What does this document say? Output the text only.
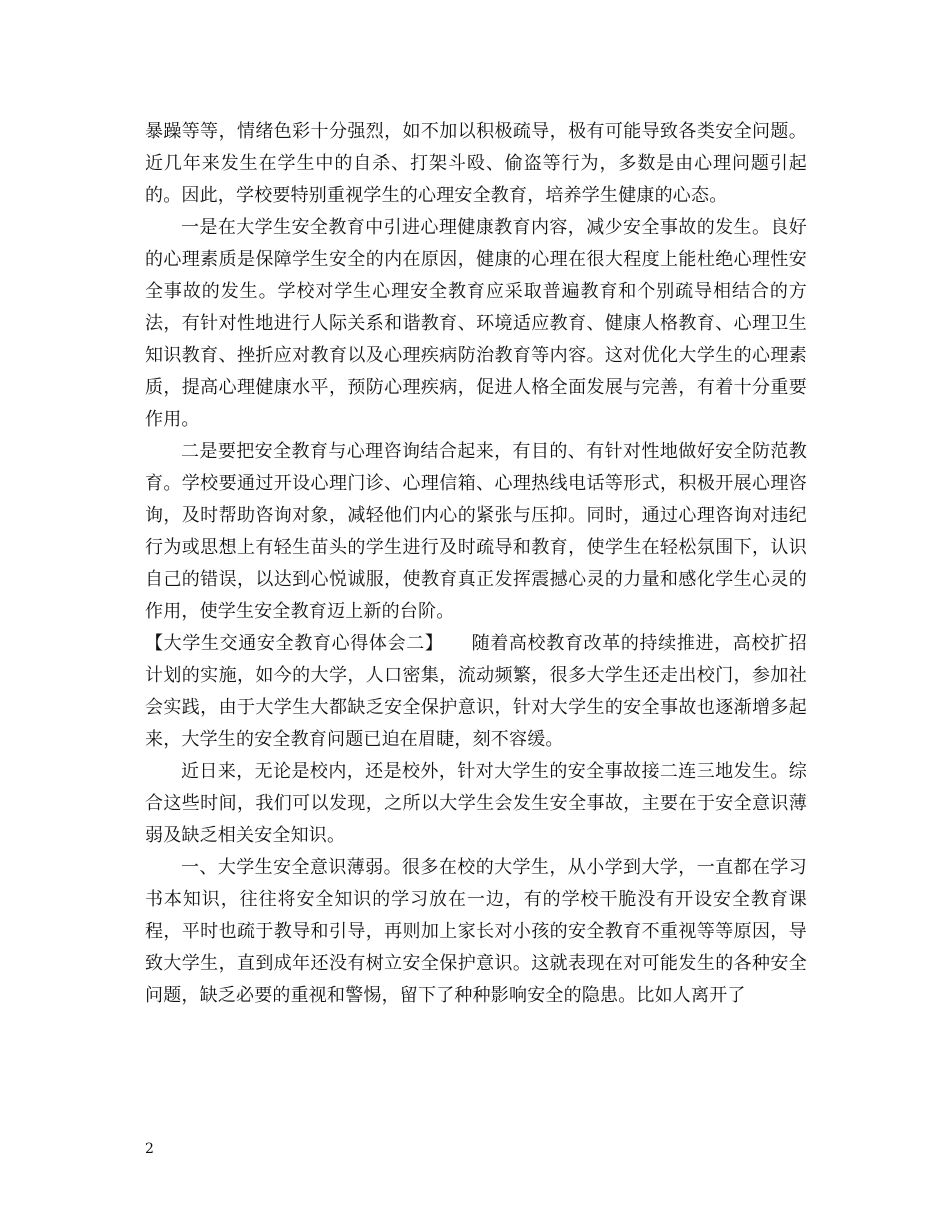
暴躁等等，情绪色彩十分强烈，如不加以积极疏导，极有可能导致各类安全问题。近几年来发生在学生中的自杀、打架斗殴、偷盗等行为，多数是由心理问题引起的。因此，学校要特别重视学生的心理安全教育，培养学生健康的心态。

一是在大学生安全教育中引进心理健康教育内容，减少安全事故的发生。良好的心理素质是保障学生安全的内在原因，健康的心理在很大程度上能杜绝心理性安全事故的发生。学校对学生心理安全教育应采取普遍教育和个别疏导相结合的方法，有针对性地进行人际关系和谐教育、环境适应教育、健康人格教育、心理卫生知识教育、挫折应对教育以及心理疾病防治教育等内容。这对优化大学生的心理素质，提高心理健康水平，预防心理疾病，促进人格全面发展与完善，有着十分重要作用。

二是要把安全教育与心理咨询结合起来，有目的、有针对性地做好安全防范教育。学校要通过开设心理门诊、心理信箱、心理热线电话等形式，积极开展心理咨询，及时帮助咨询对象，减轻他们内心的紧张与压抑。同时，通过心理咨询对违纪行为或思想上有轻生苗头的学生进行及时疏导和教育，使学生在轻松氛围下，认识自己的错误，以达到心悦诚服，使教育真正发挥震撼心灵的力量和感化学生心灵的作用，使学生安全教育迈上新的台阶。

【大学生交通安全教育心得体会二】 随着高校教育改革的持续推进，高校扩招计划的实施，如今的大学，人口密集，流动频繁，很多大学生还走出校门，参加社会实践，由于大学生大都缺乏安全保护意识，针对大学生的安全事故也逐渐增多起来，大学生的安全教育问题已迫在眉睫，刻不容缓。

近日来，无论是校内，还是校外，针对大学生的安全事故接二连三地发生。综合这些时间，我们可以发现，之所以大学生会发生安全事故，主要在于安全意识薄弱及缺乏相关安全知识。

一、大学生安全意识薄弱。很多在校的大学生，从小学到大学，一直都在学习书本知识，往往将安全知识的学习放在一边，有的学校干脆没有开设安全教育课程，平时也疏于教导和引导，再则加上家长对小孩的安全教育不重视等等原因，导致大学生，直到成年还没有树立安全保护意识。这就表现在对可能发生的各种安全问题，缺乏必要的重视和警惕，留下了种种影响安全的隐患。比如人离开了

2
